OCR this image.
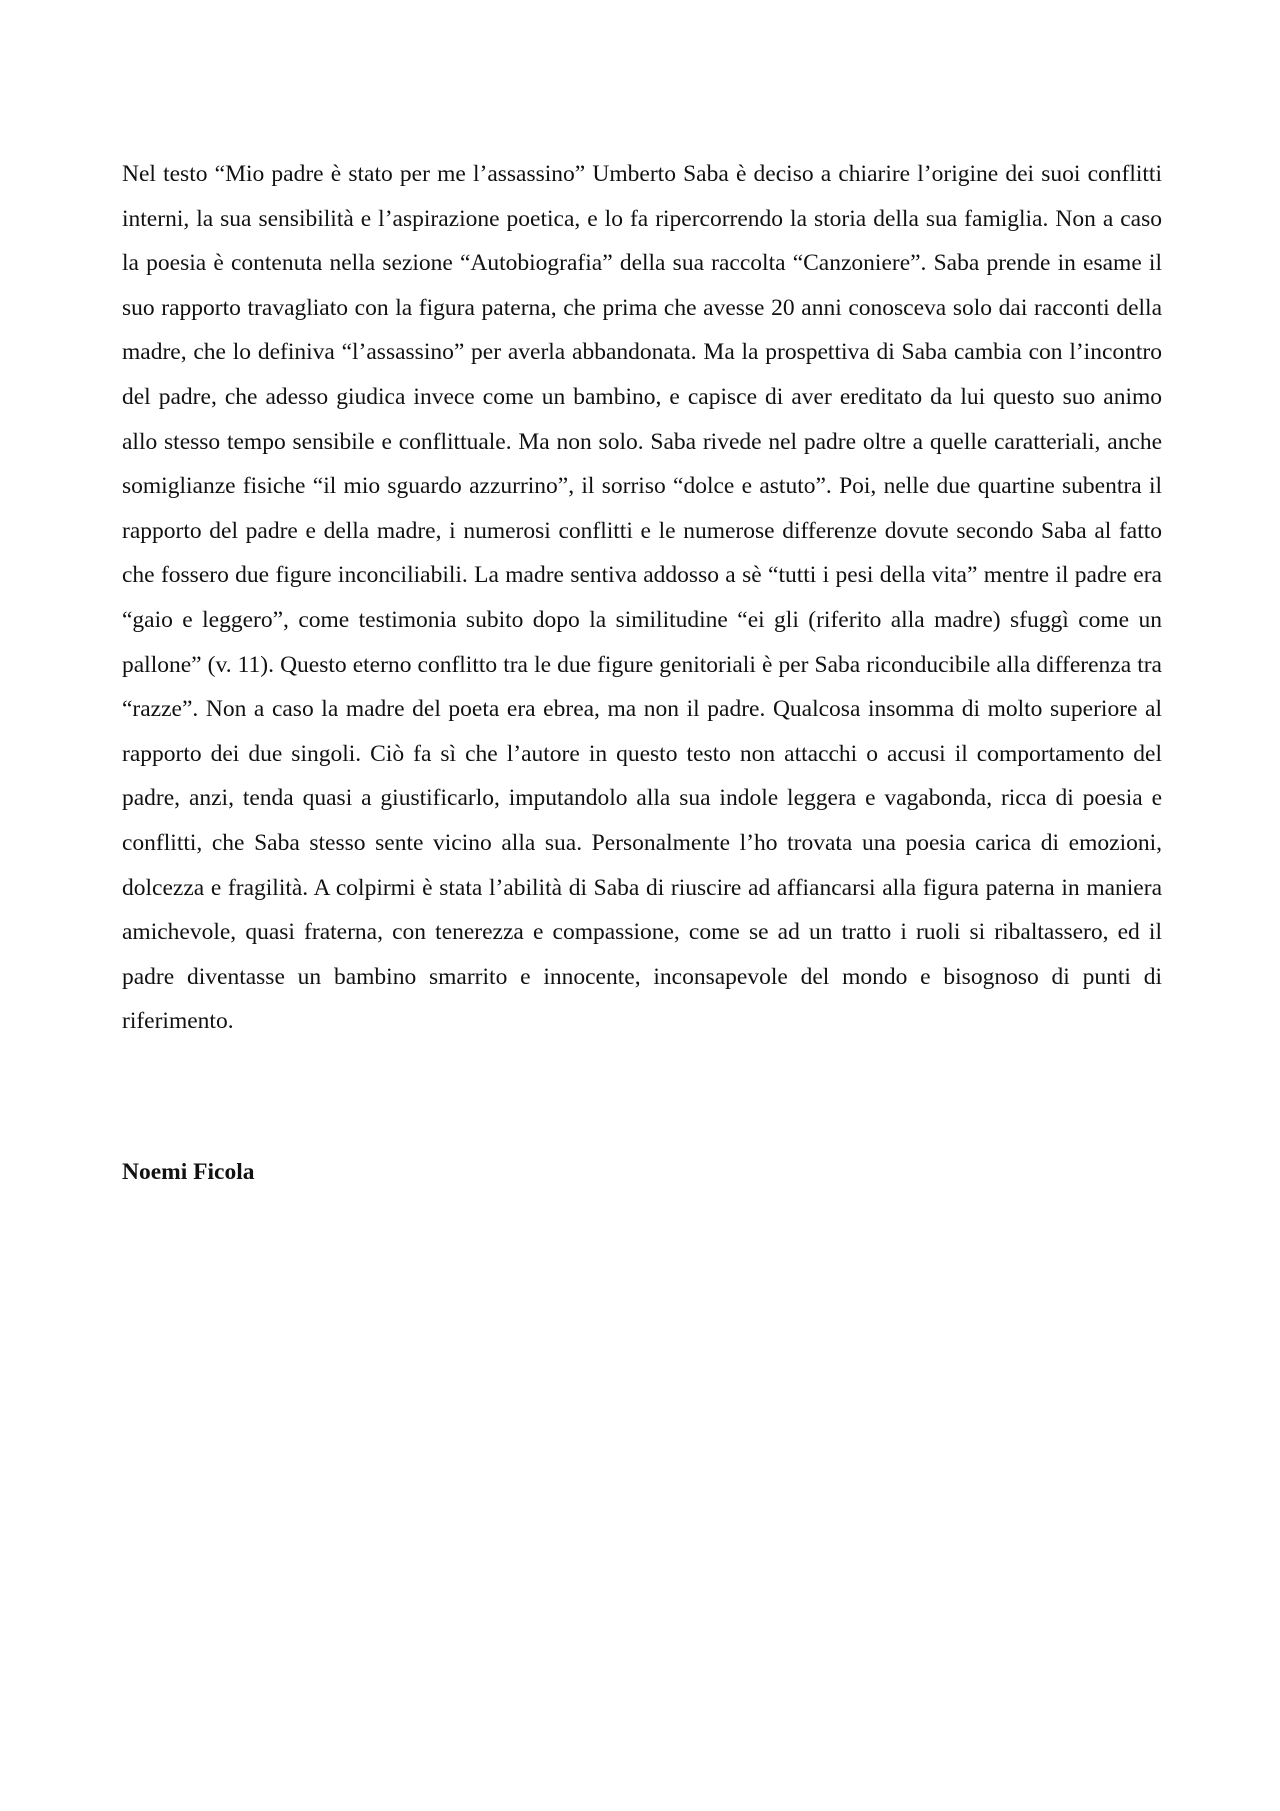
Nel testo “Mio padre è stato per me l’assassino” Umberto Saba è deciso a chiarire l’origine dei suoi conflitti interni, la sua sensibilità e l’aspirazione poetica, e lo fa ripercorrendo la storia della sua famiglia. Non a caso la poesia è contenuta nella sezione “Autobiografia” della sua raccolta “Canzoniere”. Saba prende in esame il suo rapporto travagliato con la figura paterna, che prima che avesse 20 anni conosceva solo dai racconti della madre, che lo definiva “l’assassino” per averla abbandonata. Ma la prospettiva di Saba cambia con l’incontro del padre, che adesso giudica invece come un bambino, e capisce di aver ereditato da lui questo suo animo allo stesso tempo sensibile e conflittuale. Ma non solo. Saba rivede nel padre oltre a quelle caratteriali, anche somiglianze fisiche “il mio sguardo azzurrino”, il sorriso “dolce e astuto”. Poi, nelle due quartine subentra il rapporto del padre e della madre, i numerosi conflitti e le numerose differenze dovute secondo Saba al fatto che fossero due figure inconciliabili. La madre sentiva addosso a sè “tutti i pesi della vita” mentre il padre era “gaio e leggero”, come testimonia subito dopo la similitudine “ei gli (riferito alla madre) sfuggì come un pallone” (v. 11). Questo eterno conflitto tra le due figure genitoriali è per Saba riconducibile alla differenza tra “razze”. Non a caso la madre del poeta era ebrea, ma non il padre. Qualcosa insomma di molto superiore al rapporto dei due singoli. Ciò fa sì che l’autore in questo testo non attacchi o accusi il comportamento del padre, anzi, tenda quasi a giustificarlo, imputandolo alla sua indole leggera e vagabonda, ricca di poesia e conflitti, che Saba stesso sente vicino alla sua. Personalmente l’ho trovata una poesia carica di emozioni, dolcezza e fragilità. A colpirmi è stata l’abilità di Saba di riuscire ad affiancarsi alla figura paterna in maniera amichevole, quasi fraterna, con tenerezza e compassione, come se ad un tratto i ruoli si ribaltassero, ed il padre diventasse un bambino smarrito e innocente, inconsapevole del mondo e bisognoso di punti di riferimento.

Noemi Ficola
